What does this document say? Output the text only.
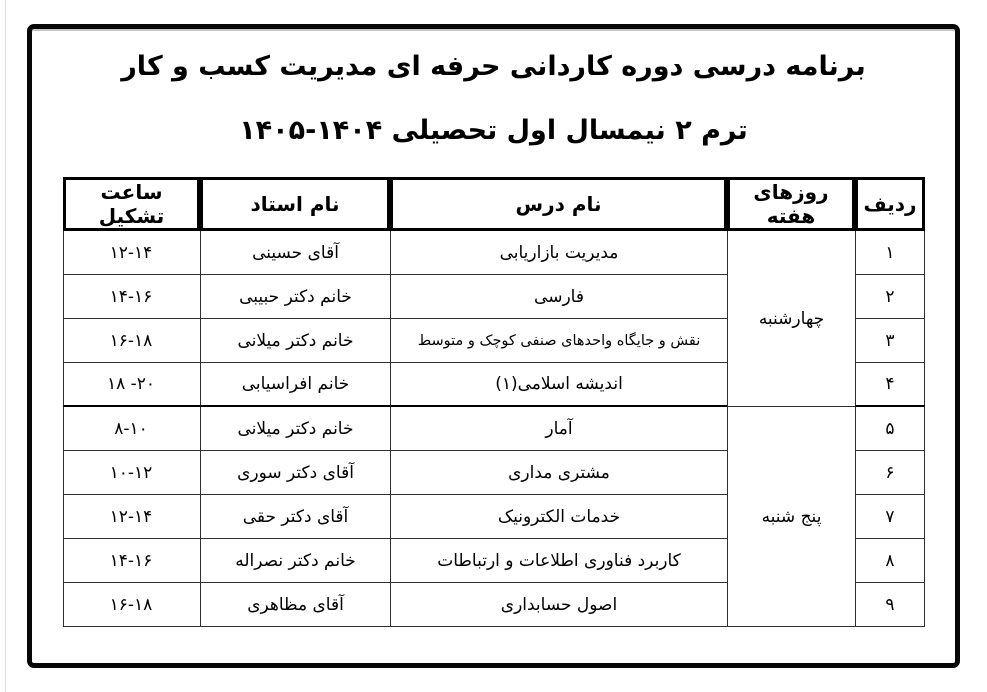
برنامه درسی دوره کاردانی حرفه ای مدیریت کسب و کار
ترم ۲ نیمسال اول تحصیلی ۱۴۰۴-۱۴۰۵
ردیف	روزهای هفته	نام درس	نام استاد	ساعت تشکیل
۱	چهارشنبه	مدیریت بازاریابی	آقای حسینی	۱۲-۱۴
۲		فارسی	خانم دکتر حبیبی	۱۴-۱۶
۳		نقش و جایگاه واحدهای صنفی کوچک و متوسط	خانم دکتر میلانی	۱۶-۱۸
۴		اندیشه اسلامی(۱)	خانم افراسیابی	۱۸ -۲۰
۵	پنج شنبه	آمار	خانم دکتر میلانی	۸-۱۰
۶		مشتری مداری	آقای دکتر سوری	۱۰-۱۲
۷		خدمات الکترونیک	آقای دکتر حقی	۱۲-۱۴
۸		کاربرد فناوری اطلاعات و ارتباطات	خانم دکتر نصراله	۱۴-۱۶
۹		اصول حسابداری	آقای مظاهری	۱۶-۱۸
